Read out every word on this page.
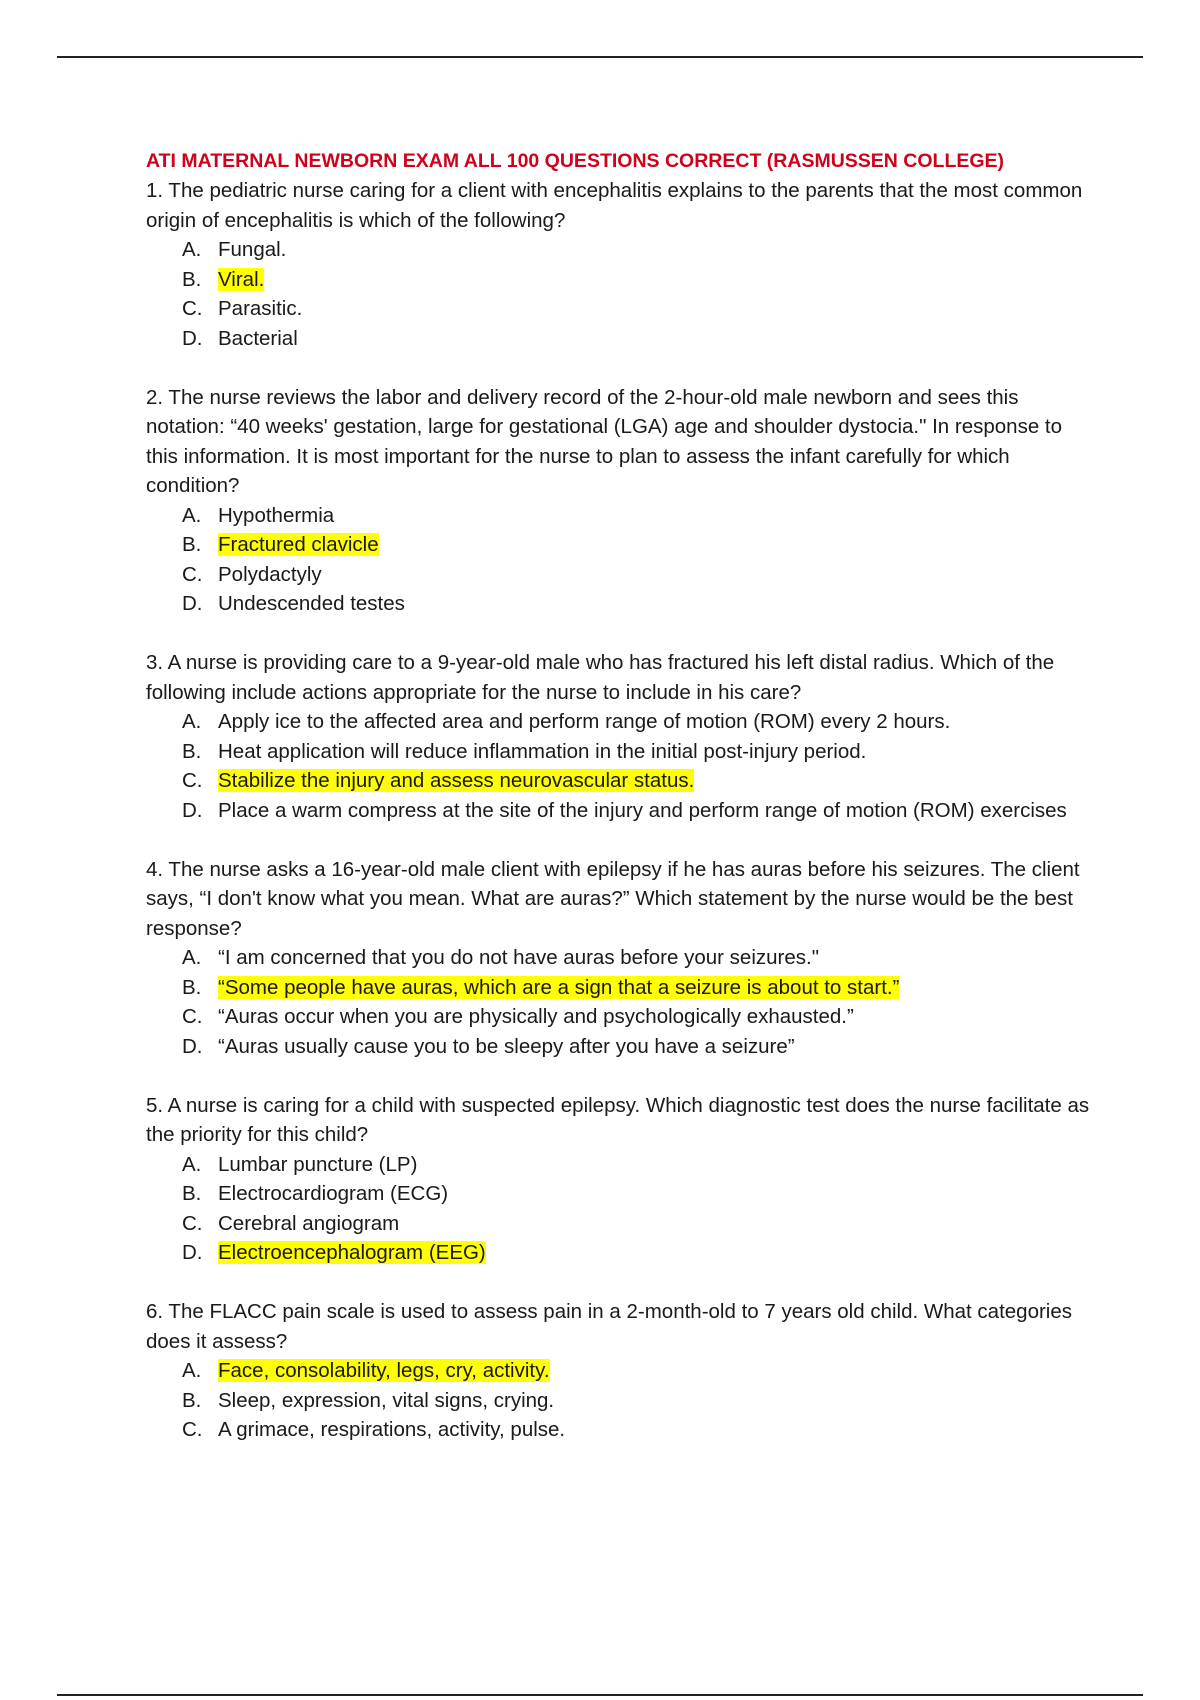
ATI MATERNAL NEWBORN EXAM ALL 100 QUESTIONS CORRECT (RASMUSSEN COLLEGE)

1. The pediatric nurse caring for a client with encephalitis explains to the parents that the most common origin of encephalitis is which of the following?

A. Fungal.
B. Viral.
C. Parasitic.
D. Bacterial

2. The nurse reviews the labor and delivery record of the 2-hour-old male newborn and sees this notation: “40 weeks' gestation, large for gestational (LGA) age and shoulder dystocia." In response to this information. It is most important for the nurse to plan to assess the infant carefully for which condition?

A. Hypothermia
B. Fractured clavicle
C. Polydactyly
D. Undescended testes

3. A nurse is providing care to a 9-year-old male who has fractured his left distal radius. Which of the following include actions appropriate for the nurse to include in his care?

A. Apply ice to the affected area and perform range of motion (ROM) every 2 hours.
B. Heat application will reduce inflammation in the initial post-injury period.
C. Stabilize the injury and assess neurovascular status.
D. Place a warm compress at the site of the injury and perform range of motion (ROM) exercises

4. The nurse asks a 16-year-old male client with epilepsy if he has auras before his seizures. The client says, “I don't know what you mean. What are auras?” Which statement by the nurse would be the best response?

A. “I am concerned that you do not have auras before your seizures."
B. “Some people have auras, which are a sign that a seizure is about to start.”
C. “Auras occur when you are physically and psychologically exhausted.”
D. “Auras usually cause you to be sleepy after you have a seizure”

5. A nurse is caring for a child with suspected epilepsy. Which diagnostic test does the nurse facilitate as the priority for this child?

A. Lumbar puncture (LP)
B. Electrocardiogram (ECG)
C. Cerebral angiogram
D. Electroencephalogram (EEG)

6. The FLACC pain scale is used to assess pain in a 2-month-old to 7 years old child. What categories does it assess?

A. Face, consolability, legs, cry, activity.
B. Sleep, expression, vital signs, crying.
C. A grimace, respirations, activity, pulse.
